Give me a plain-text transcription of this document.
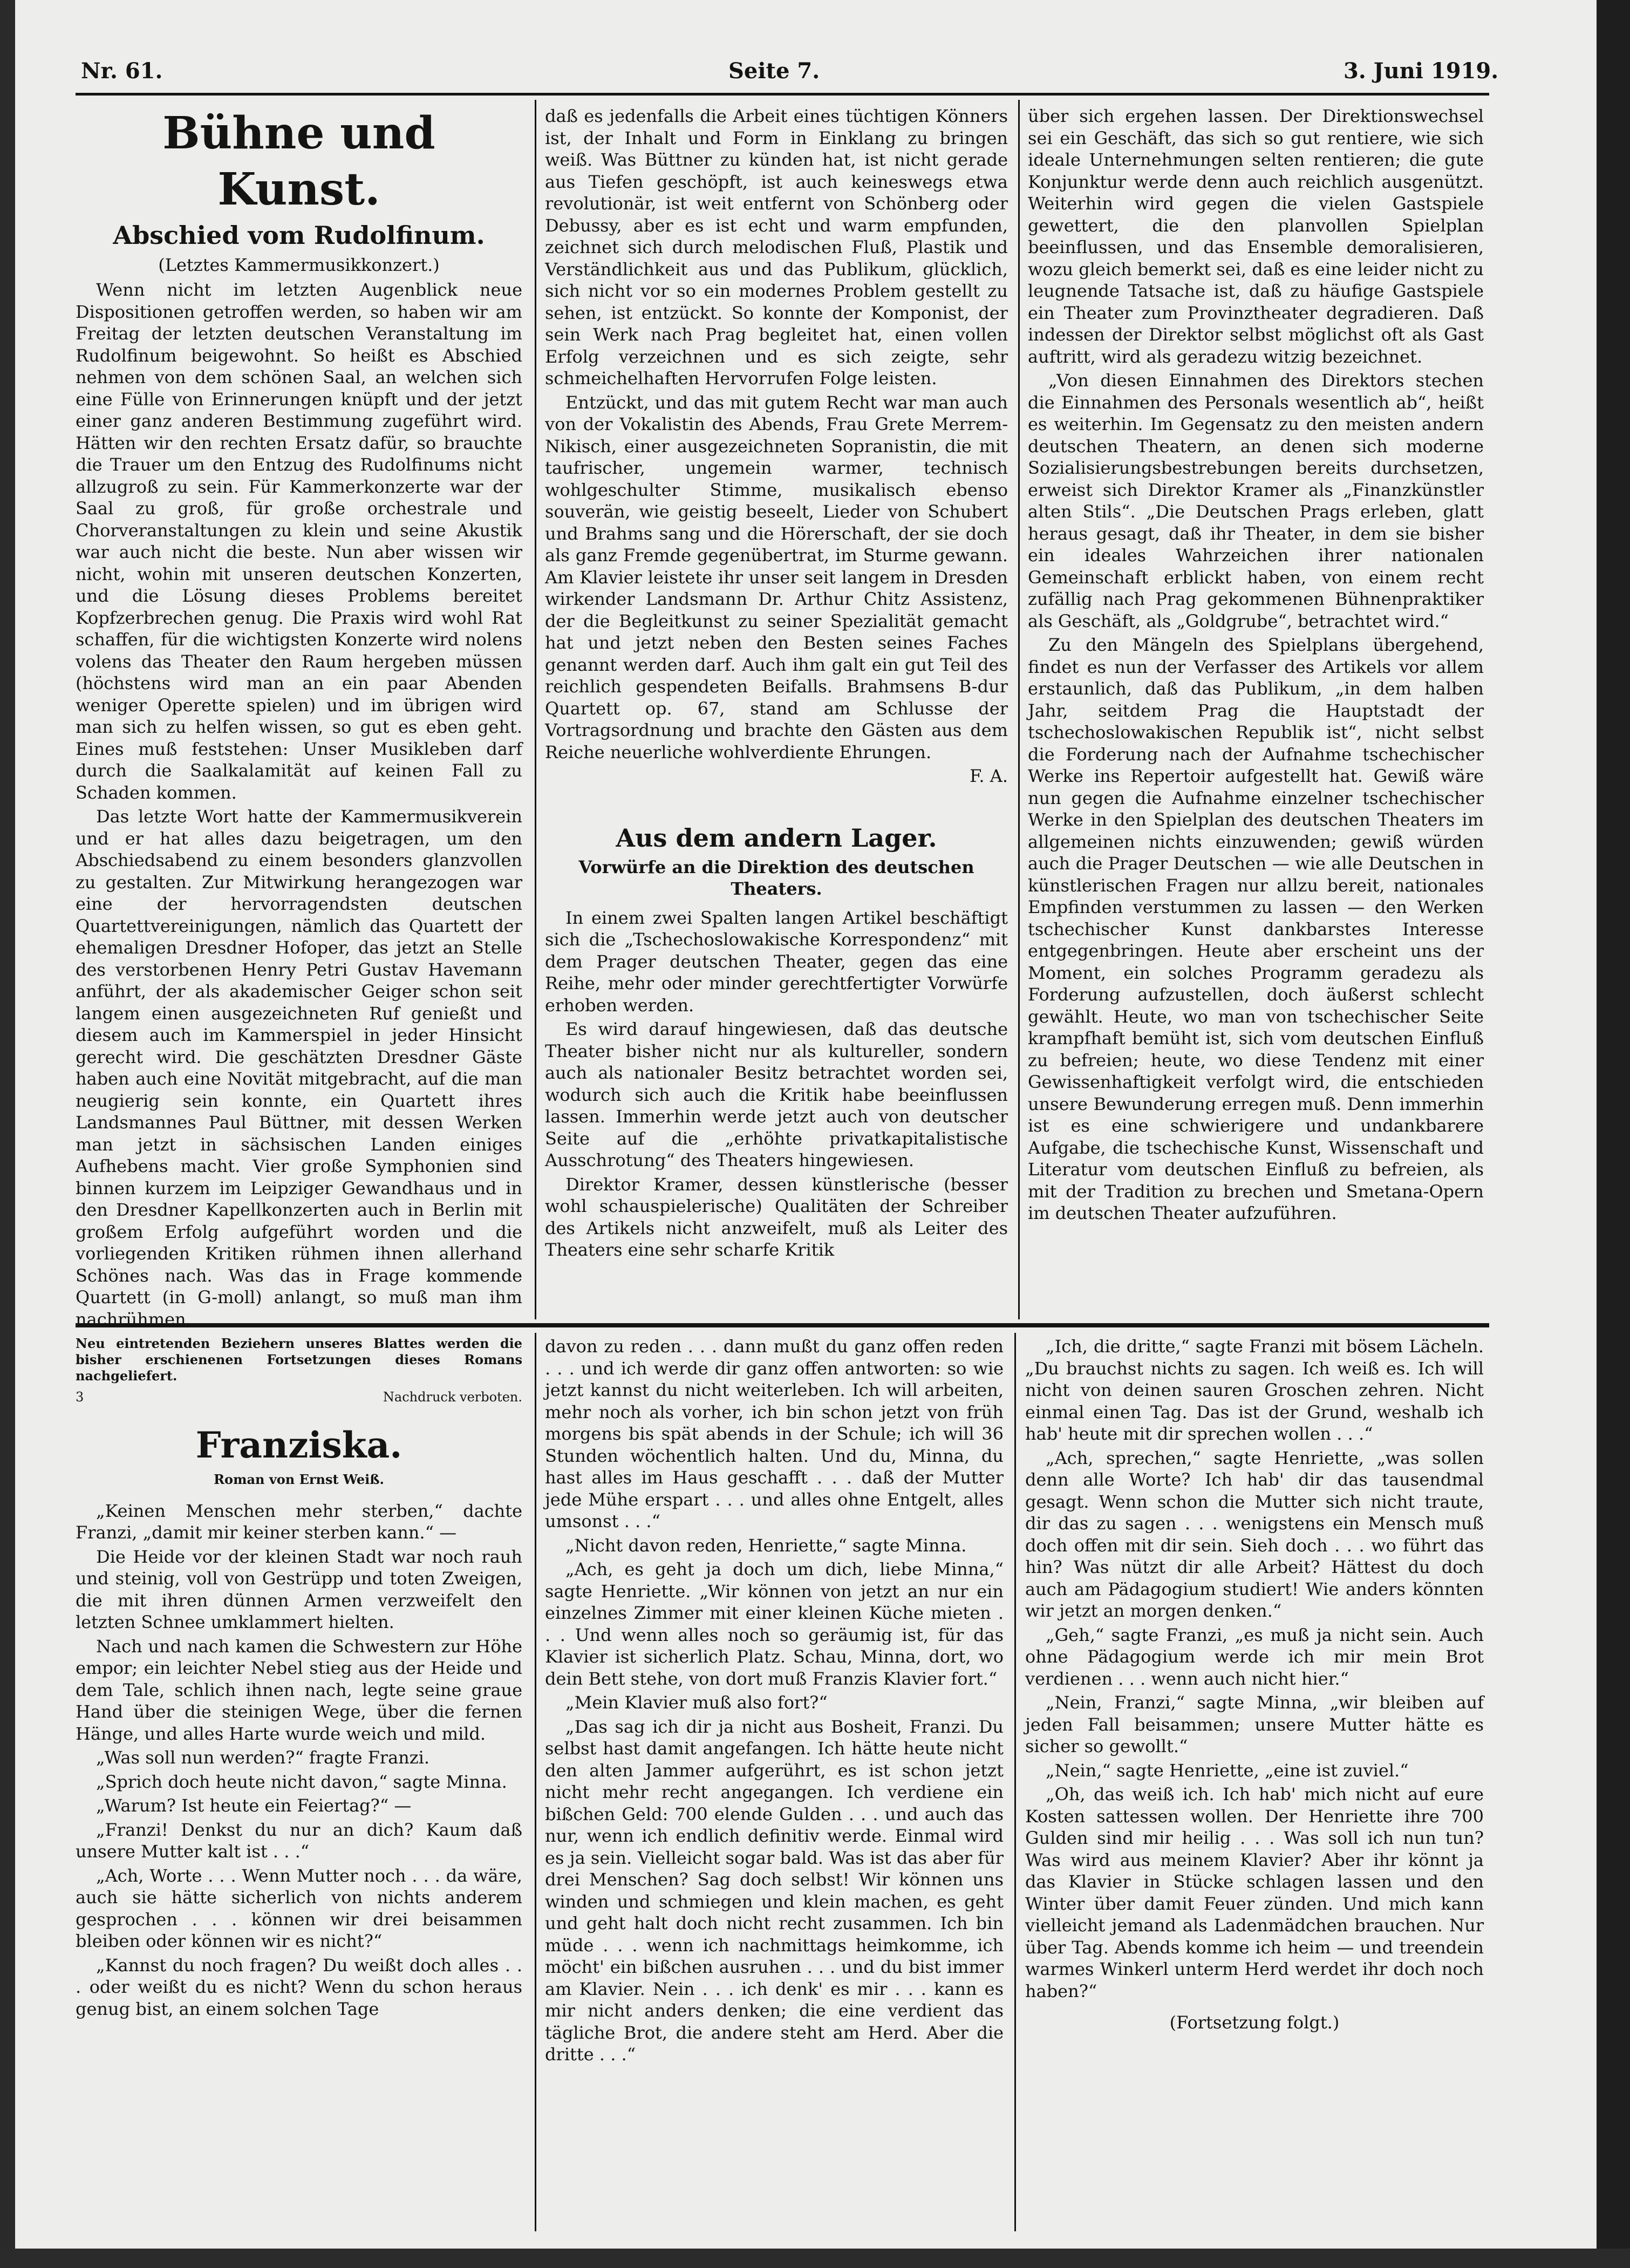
Nr. 61.	Seite 7.	3. Juni 1919.

Bühne und Kunst.

Abschied vom Rudolfinum.

(Letztes Kammermusikkonzert.)

Wenn nicht im letzten Augenblick neue Dispositionen getroffen werden, so haben wir am Freitag der letzten deutschen Veranstaltung im Rudolfinum beigewohnt. So heißt es Abschied nehmen von dem schönen Saal, an welchen sich eine Fülle von Erinnerungen knüpft und der jetzt einer ganz anderen Bestimmung zugeführt wird. Hätten wir den rechten Ersatz dafür, so brauchte die Trauer um den Entzug des Rudolfinums nicht allzugroß zu sein. Für Kammerkonzerte war der Saal zu groß, für große orchestrale und Chorveranstaltungen zu klein und seine Akustik war auch nicht die beste. Nun aber wissen wir nicht, wohin mit unseren deutschen Konzerten, und die Lösung dieses Problems bereitet Kopfzerbrechen genug. Die Praxis wird wohl Rat schaffen, für die wichtigsten Konzerte wird nolens volens das Theater den Raum hergeben müssen (höchstens wird man an ein paar Abenden weniger Operette spielen) und im übrigen wird man sich zu helfen wissen, so gut es eben geht. Eines muß feststehen: Unser Musikleben darf durch die Saalkalamität auf keinen Fall zu Schaden kommen.

Das letzte Wort hatte der Kammermusikverein und er hat alles dazu beigetragen, um den Abschiedsabend zu einem besonders glanzvollen zu gestalten. Zur Mitwirkung herangezogen war eine der hervorragendsten deutschen Quartettvereinigungen, nämlich das Quartett der ehemaligen Dresdner Hofoper, das jetzt an Stelle des verstorbenen Henry Petri Gustav Havemann anführt, der als akademischer Geiger schon seit langem einen ausgezeichneten Ruf genießt und diesem auch im Kammerspiel in jeder Hinsicht gerecht wird. Die geschätzten Dresdner Gäste haben auch eine Novität mitgebracht, auf die man neugierig sein konnte, ein Quartett ihres Landsmannes Paul Büttner, mit dessen Werken man jetzt in sächsischen Landen einiges Aufhebens macht. Vier große Symphonien sind binnen kurzem im Leipziger Gewandhaus und in den Dresdner Kapellkonzerten auch in Berlin mit großem Erfolg aufgeführt worden und die vorliegenden Kritiken rühmen ihnen allerhand Schönes nach. Was das in Frage kommende Quartett (in G-moll) anlangt, so muß man ihm nachrühmen,

daß es jedenfalls die Arbeit eines tüchtigen Könners ist, der Inhalt und Form in Einklang zu bringen weiß. Was Büttner zu künden hat, ist nicht gerade aus Tiefen geschöpft, ist auch keineswegs etwa revolutionär, ist weit entfernt von Schönberg oder Debussy, aber es ist echt und warm empfunden, zeichnet sich durch melodischen Fluß, Plastik und Verständlichkeit aus und das Publikum, glücklich, sich nicht vor so ein modernes Problem gestellt zu sehen, ist entzückt. So konnte der Komponist, der sein Werk nach Prag begleitet hat, einen vollen Erfolg verzeichnen und es sich zeigte, sehr schmeichelhaften Hervorrufen Folge leisten.

Entzückt, und das mit gutem Recht war man auch von der Vokalistin des Abends, Frau Grete Merrem-Nikisch, einer ausgezeichneten Sopranistin, die mit taufrischer, ungemein warmer, technisch wohlgeschulter Stimme, musikalisch ebenso souverän, wie geistig beseelt, Lieder von Schubert und Brahms sang und die Hörerschaft, der sie doch als ganz Fremde gegenübertrat, im Sturme gewann. Am Klavier leistete ihr unser seit langem in Dresden wirkender Landsmann Dr. Arthur Chitz Assistenz, der die Begleitkunst zu seiner Spezialität gemacht hat und jetzt neben den Besten seines Faches genannt werden darf. Auch ihm galt ein gut Teil des reichlich gespendeten Beifalls. Brahmsens B-dur Quartett op. 67, stand am Schlusse der Vortragsordnung und brachte den Gästen aus dem Reiche neuerliche wohlverdiente Ehrungen.

F. A.

Aus dem andern Lager.

Vorwürfe an die Direktion des deutschen Theaters.

In einem zwei Spalten langen Artikel beschäftigt sich die „Tschechoslowakische Korrespondenz“ mit dem Prager deutschen Theater, gegen das eine Reihe, mehr oder minder gerechtfertigter Vorwürfe erhoben werden.

Es wird darauf hingewiesen, daß das deutsche Theater bisher nicht nur als kultureller, sondern auch als nationaler Besitz betrachtet worden sei, wodurch sich auch die Kritik habe beeinflussen lassen. Immerhin werde jetzt auch von deutscher Seite auf die „erhöhte privatkapitalistische Ausschrotung“ des Theaters hingewiesen.

Direktor Kramer, dessen künstlerische (besser wohl schauspielerische) Qualitäten der Schreiber des Artikels nicht anzweifelt, muß als Leiter des Theaters eine sehr scharfe Kritik

über sich ergehen lassen. Der Direktionswechsel sei ein Geschäft, das sich so gut rentiere, wie sich ideale Unternehmungen selten rentieren; die gute Konjunktur werde denn auch reichlich ausgenützt. Weiterhin wird gegen die vielen Gastspiele gewettert, die den planvollen Spielplan beeinflussen, und das Ensemble demoralisieren, wozu gleich bemerkt sei, daß es eine leider nicht zu leugnende Tatsache ist, daß zu häufige Gastspiele ein Theater zum Provinztheater degradieren. Daß indessen der Direktor selbst möglichst oft als Gast auftritt, wird als geradezu witzig bezeichnet.

„Von diesen Einnahmen des Direktors stechen die Einnahmen des Personals wesentlich ab“, heißt es weiterhin. Im Gegensatz zu den meisten andern deutschen Theatern, an denen sich moderne Sozialisierungsbestrebungen bereits durchsetzen, erweist sich Direktor Kramer als „Finanzkünstler alten Stils“. „Die Deutschen Prags erleben, glatt heraus gesagt, daß ihr Theater, in dem sie bisher ein ideales Wahrzeichen ihrer nationalen Gemeinschaft erblickt haben, von einem recht zufällig nach Prag gekommenen Bühnenpraktiker als Geschäft, als „Goldgrube“, betrachtet wird.“

Zu den Mängeln des Spielplans übergehend, findet es nun der Verfasser des Artikels vor allem erstaunlich, daß das Publikum, „in dem halben Jahr, seitdem Prag die Hauptstadt der tschechoslowakischen Republik ist“, nicht selbst die Forderung nach der Aufnahme tschechischer Werke ins Repertoir aufgestellt hat. Gewiß wäre nun gegen die Aufnahme einzelner tschechischer Werke in den Spielplan des deutschen Theaters im allgemeinen nichts einzuwenden; gewiß würden auch die Prager Deutschen — wie alle Deutschen in künstlerischen Fragen nur allzu bereit, nationales Empfinden verstummen zu lassen — den Werken tschechischer Kunst dankbarstes Interesse entgegenbringen. Heute aber erscheint uns der Moment, ein solches Programm geradezu als Forderung aufzustellen, doch äußerst schlecht gewählt. Heute, wo man von tschechischer Seite krampfhaft bemüht ist, sich vom deutschen Einfluß zu befreien; heute, wo diese Tendenz mit einer Gewissenhaftigkeit verfolgt wird, die entschieden unsere Bewunderung erregen muß. Denn immerhin ist es eine schwierigere und undankbarere Aufgabe, die tschechische Kunst, Wissenschaft und Literatur vom deutschen Einfluß zu befreien, als mit der Tradition zu brechen und Smetana-Opern im deutschen Theater aufzuführen.

Neu eintretenden Beziehern unseres Blattes werden die bisher erschienenen Fortsetzungen dieses Romans nachgeliefert.

3	Nachdruck verboten.

Franziska.

Roman von Ernst Weiß.

„Keinen Menschen mehr sterben,“ dachte Franzi, „damit mir keiner sterben kann.“ —

Die Heide vor der kleinen Stadt war noch rauh und steinig, voll von Gestrüpp und toten Zweigen, die mit ihren dünnen Armen verzweifelt den letzten Schnee umklammert hielten.

Nach und nach kamen die Schwestern zur Höhe empor; ein leichter Nebel stieg aus der Heide und dem Tale, schlich ihnen nach, legte seine graue Hand über die steinigen Wege, über die fernen Hänge, und alles Harte wurde weich und mild.

„Was soll nun werden?“ fragte Franzi.

„Sprich doch heute nicht davon,“ sagte Minna.

„Warum? Ist heute ein Feiertag?“ —

„Franzi! Denkst du nur an dich? Kaum daß unsere Mutter kalt ist . . .“

„Ach, Worte . . . Wenn Mutter noch . . . da wäre, auch sie hätte sicherlich von nichts anderem gesprochen . . . können wir drei beisammen bleiben oder können wir es nicht?“

„Kannst du noch fragen? Du weißt doch alles . . . oder weißt du es nicht? Wenn du schon heraus genug bist, an einem solchen Tage

davon zu reden . . . dann mußt du ganz offen reden . . . und ich werde dir ganz offen antworten: so wie jetzt kannst du nicht weiterleben. Ich will arbeiten, mehr noch als vorher, ich bin schon jetzt von früh morgens bis spät abends in der Schule; ich will 36 Stunden wöchentlich halten. Und du, Minna, du hast alles im Haus geschafft . . . daß der Mutter jede Mühe erspart . . . und alles ohne Entgelt, alles umsonst . . .“

„Nicht davon reden, Henriette,“ sagte Minna.

„Ach, es geht ja doch um dich, liebe Minna,“ sagte Henriette. „Wir können von jetzt an nur ein einzelnes Zimmer mit einer kleinen Küche mieten . . . Und wenn alles noch so geräumig ist, für das Klavier ist sicherlich Platz. Schau, Minna, dort, wo dein Bett stehe, von dort muß Franzis Klavier fort.“

„Mein Klavier muß also fort?“

„Das sag ich dir ja nicht aus Bosheit, Franzi. Du selbst hast damit angefangen. Ich hätte heute nicht den alten Jammer aufgerührt, es ist schon jetzt nicht mehr recht angegangen. Ich verdiene ein bißchen Geld: 700 elende Gulden . . . und auch das nur, wenn ich endlich definitiv werde. Einmal wird es ja sein. Vielleicht sogar bald. Was ist das aber für drei Menschen? Sag doch selbst! Wir können uns winden und schmiegen und klein machen, es geht und geht halt doch nicht recht zusammen. Ich bin müde . . . wenn ich nachmittags heimkomme, ich möcht' ein bißchen ausruhen . . . und du bist immer am Klavier. Nein . . . ich denk' es mir . . . kann es mir nicht anders denken; die eine verdient das tägliche Brot, die andere steht am Herd. Aber die dritte . . .“

„Ich, die dritte,“ sagte Franzi mit bösem Lächeln. „Du brauchst nichts zu sagen. Ich weiß es. Ich will nicht von deinen sauren Groschen zehren. Nicht einmal einen Tag. Das ist der Grund, weshalb ich hab' heute mit dir sprechen wollen . . .“

„Ach, sprechen,“ sagte Henriette, „was sollen denn alle Worte? Ich hab' dir das tausendmal gesagt. Wenn schon die Mutter sich nicht traute, dir das zu sagen . . . wenigstens ein Mensch muß doch offen mit dir sein. Sieh doch . . . wo führt das hin? Was nützt dir alle Arbeit? Hättest du doch auch am Pädagogium studiert! Wie anders könnten wir jetzt an morgen denken.“

„Geh,“ sagte Franzi, „es muß ja nicht sein. Auch ohne Pädagogium werde ich mir mein Brot verdienen . . . wenn auch nicht hier.“

„Nein, Franzi,“ sagte Minna, „wir bleiben auf jeden Fall beisammen; unsere Mutter hätte es sicher so gewollt.“

„Nein,“ sagte Henriette, „eine ist zuviel.“

„Oh, das weiß ich. Ich hab' mich nicht auf eure Kosten sattessen wollen. Der Henriette ihre 700 Gulden sind mir heilig . . . Was soll ich nun tun? Was wird aus meinem Klavier? Aber ihr könnt ja das Klavier in Stücke schlagen lassen und den Winter über damit Feuer zünden. Und mich kann vielleicht jemand als Ladenmädchen brauchen. Nur über Tag. Abends komme ich heim — und treendein warmes Winkerl unterm Herd werdet ihr doch noch haben?“

(Fortsetzung folgt.)
